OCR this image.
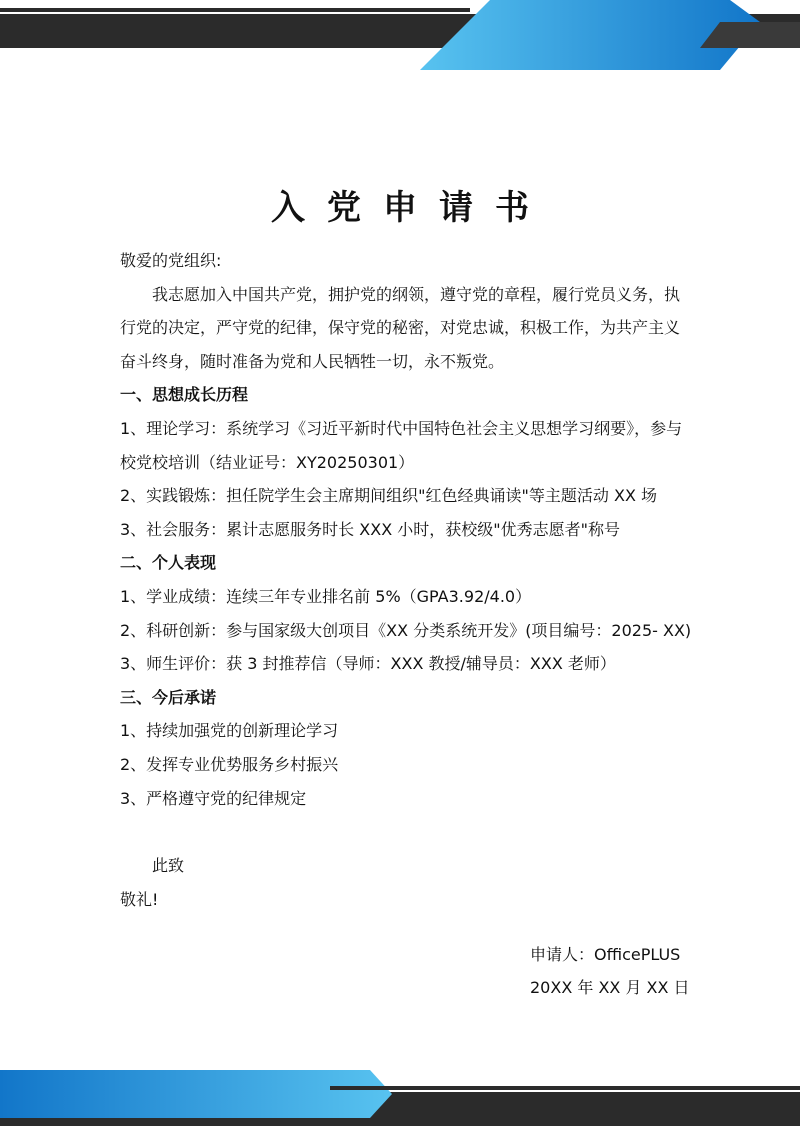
入党申请书
敬爱的党组织:
我志愿加入中国共产党，拥护党的纲领，遵守党的章程，履行党员义务，执
行党的决定，严守党的纪律，保守党的秘密，对党忠诚，积极工作，为共产主义
奋斗终身，随时准备为党和人民牺牲一切，永不叛党。
一、思想成长历程
1、理论学习：系统学习《习近平新时代中国特色社会主义思想学习纲要》，参与
校党校培训（结业证号：XY20250301）
2、实践锻炼：担任院学生会主席期间组织"红色经典诵读"等主题活动 XX 场
3、社会服务：累计志愿服务时长 XXX 小时，获校级"优秀志愿者"称号
二、个人表现
1、学业成绩：连续三年专业排名前 5%（GPA3.92/4.0）
2、科研创新：参与国家级大创项目《XX 分类系统开发》(项目编号：2025- XX)
3、师生评价：获 3 封推荐信（导师：XXX 教授/辅导员：XXX 老师）
三、今后承诺
1、持续加强党的创新理论学习
2、发挥专业优势服务乡村振兴
3、严格遵守党的纪律规定
此致
敬礼!
申请人：OfficePLUS
20XX 年 XX 月 XX 日
